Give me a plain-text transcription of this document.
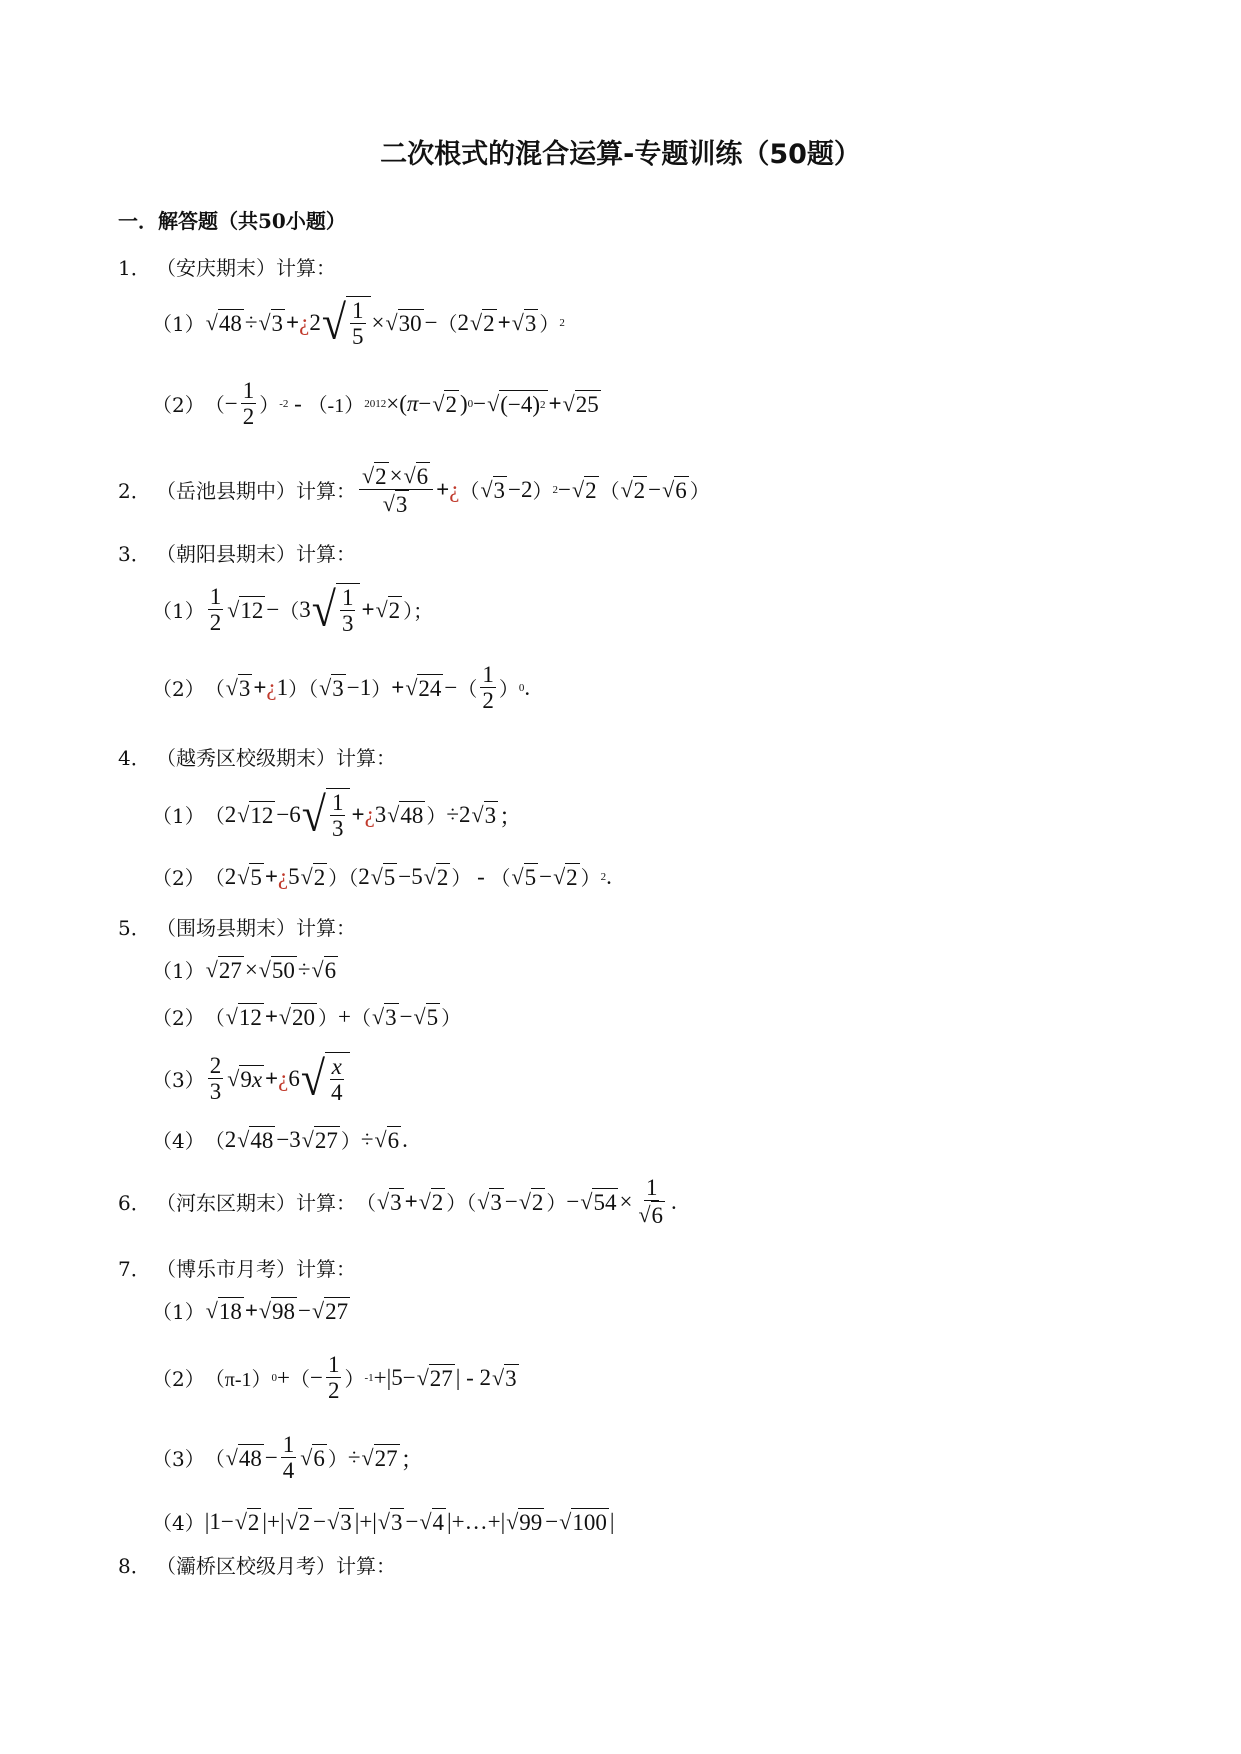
二次根式的混合运算-专题训练（50题）
一．解答题（共50小题）
1． （安庆期末）计算：
（1） √ 48 ÷ √ 3 + ¿ 2 √ $\frac{1}{5}$ × √ 30 − （ 2 √ 2 + √ 3 ） 2
（2） （ − $\frac{1}{2}$ ） -2 - （-1） 2012 ×( π − √ 2 ) 0 − √ (−4) 2 + √ 25
2． （岳池县期中）计算： $\frac{√ 2 \times √ 6}{√ 3}$ + ¿ （ √ 3 −2 ） 2 − √ 2 （ √ 2 − √ 6 ）
3． （朝阳县期末）计算：
$(1) \frac{1}{2}$ √ 12 − （ 3 √ $\frac{1}{3}$ + √ 2 ）；
（2） （ √ 3 + ¿ 1 ）（ √ 3 −1 ） + √ 24 − （ $\frac{1}{2}$ ） 0 .
4． （越秀区校级期末）计算：
（1） （ 2 √ 12 −6 √ $\frac{1}{3}$ + ¿ 3 √ 48 ） ÷2 √ 3 ；
（2） （ 2 √ 5 + ¿ 5 √ 2 ）（ 2 √ 5 −5 √ 2 ） - （ √ 5 − √ 2 ） 2 .
5． （围场县期末）计算：
（1） √ 27 × √ 50 ÷ √ 6
（2） （ √ 12 + √ 20 ） + （ √ 3 − √ 5 ）
$(3) \frac{2}{3}$ √ 9 x + ¿ 6 √ $\frac{x}{4}$
（4） （ 2 √ 48 −3 √ 27 ） ÷ √ 6 .
6． （河东区期末）计算： （ √ 3 + √ 2 ）（ √ 3 − √ 2 ） − √ $54 \times \frac{1}{√ 6}$ .
7． （博乐市月考）计算：
（1） √ 18 + √ 98 − √ 27
（2） （π-1） 0 + （ − $\frac{1}{2}$ ） -1 +|5− √ 27 | - 2 √ 3
（3） （ √ $48 - \frac{1}{4}$ √ 6 ） ÷ √ 27 ；
（4） |1− √ 2 |+| √ 2 − √ 3 |+| √ 3 − √ 4 |+…+| √ 99 − √ 100 |
8． （灞桥区校级月考）计算：
